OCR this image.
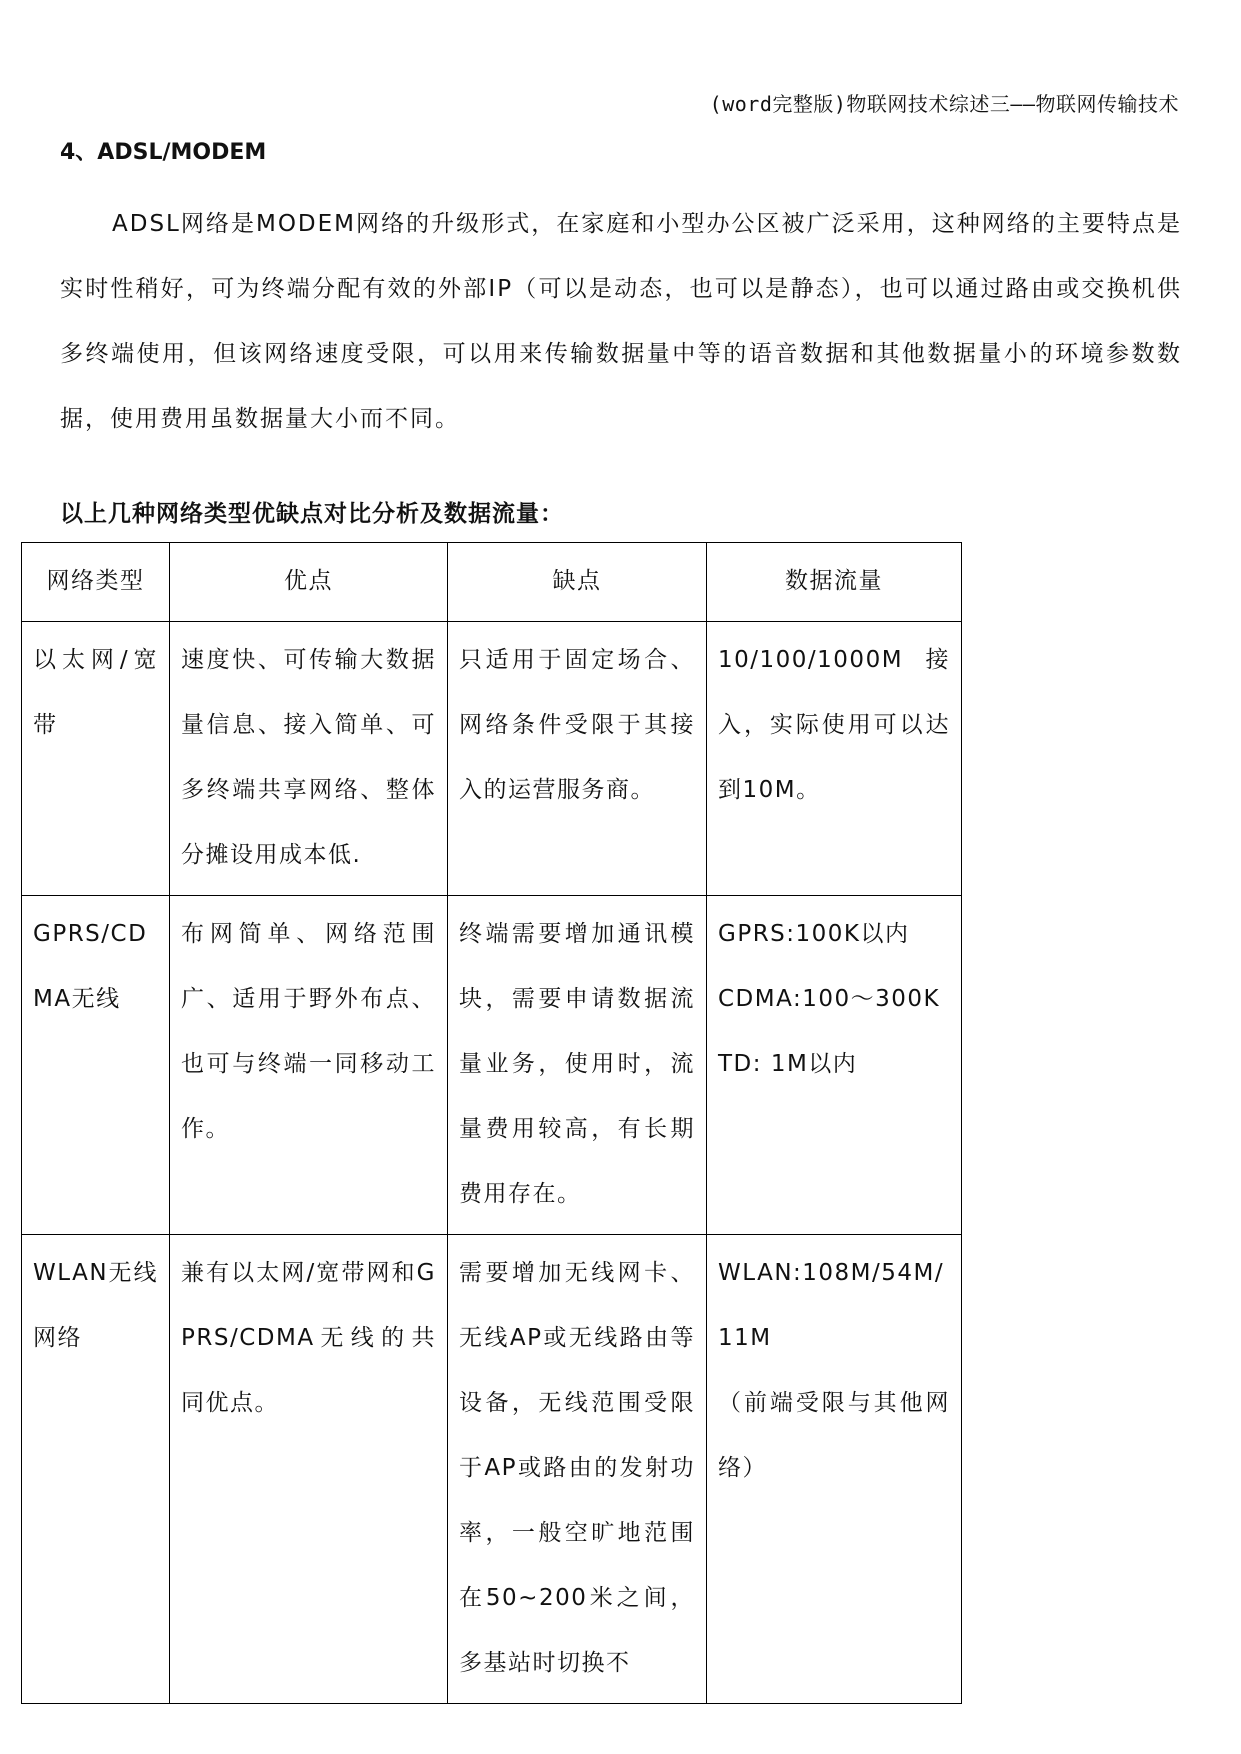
(word完整版)物联网技术综述三——物联网传输技术
4、ADSL/MODEM

ADSL网络是MODEM网络的升级形式，在家庭和小型办公区被广泛采用，这种网络的主要特点是实时性稍好，可为终端分配有效的外部IP（可以是动态，也可以是静态），也可以通过路由或交换机供多终端使用，但该网络速度受限，可以用来传输数据量中等的语音数据和其他数据量小的环境参数数据，使用费用虽数据量大小而不同。

以上几种网络类型优缺点对比分析及数据流量：
网络类型	优点	缺点	数据流量
以太网/宽带	速度快、可传输大数据量信息、接入简单、可多终端共享网络、整体分摊设用成本低.	只适用于固定场合、网络条件受限于其接入的运营服务商。	10/100/1000M 接入，实际使用可以达到10M。

GPRS/CDMA无线	布网简单、网络范围广、适用于野外布点、也可与终端一同移动工作。	终端需要增加通讯模块，需要申请数据流量业务，使用时，流量费用较高，有长期费用存在。	GPRS:100K以内
CDMA:100～300K
TD: 1M以内

WLAN无线网络	兼有以太网/宽带网和GPRS/CDMA无线的共同优点。	需要增加无线网卡、无线AP或无线路由等设备，无线范围受限于AP或路由的发射功率，一般空旷地范围在50~200米之间，多基站时切换不	WLAN:108M/54M/11M
（前端受限与其他网络）
